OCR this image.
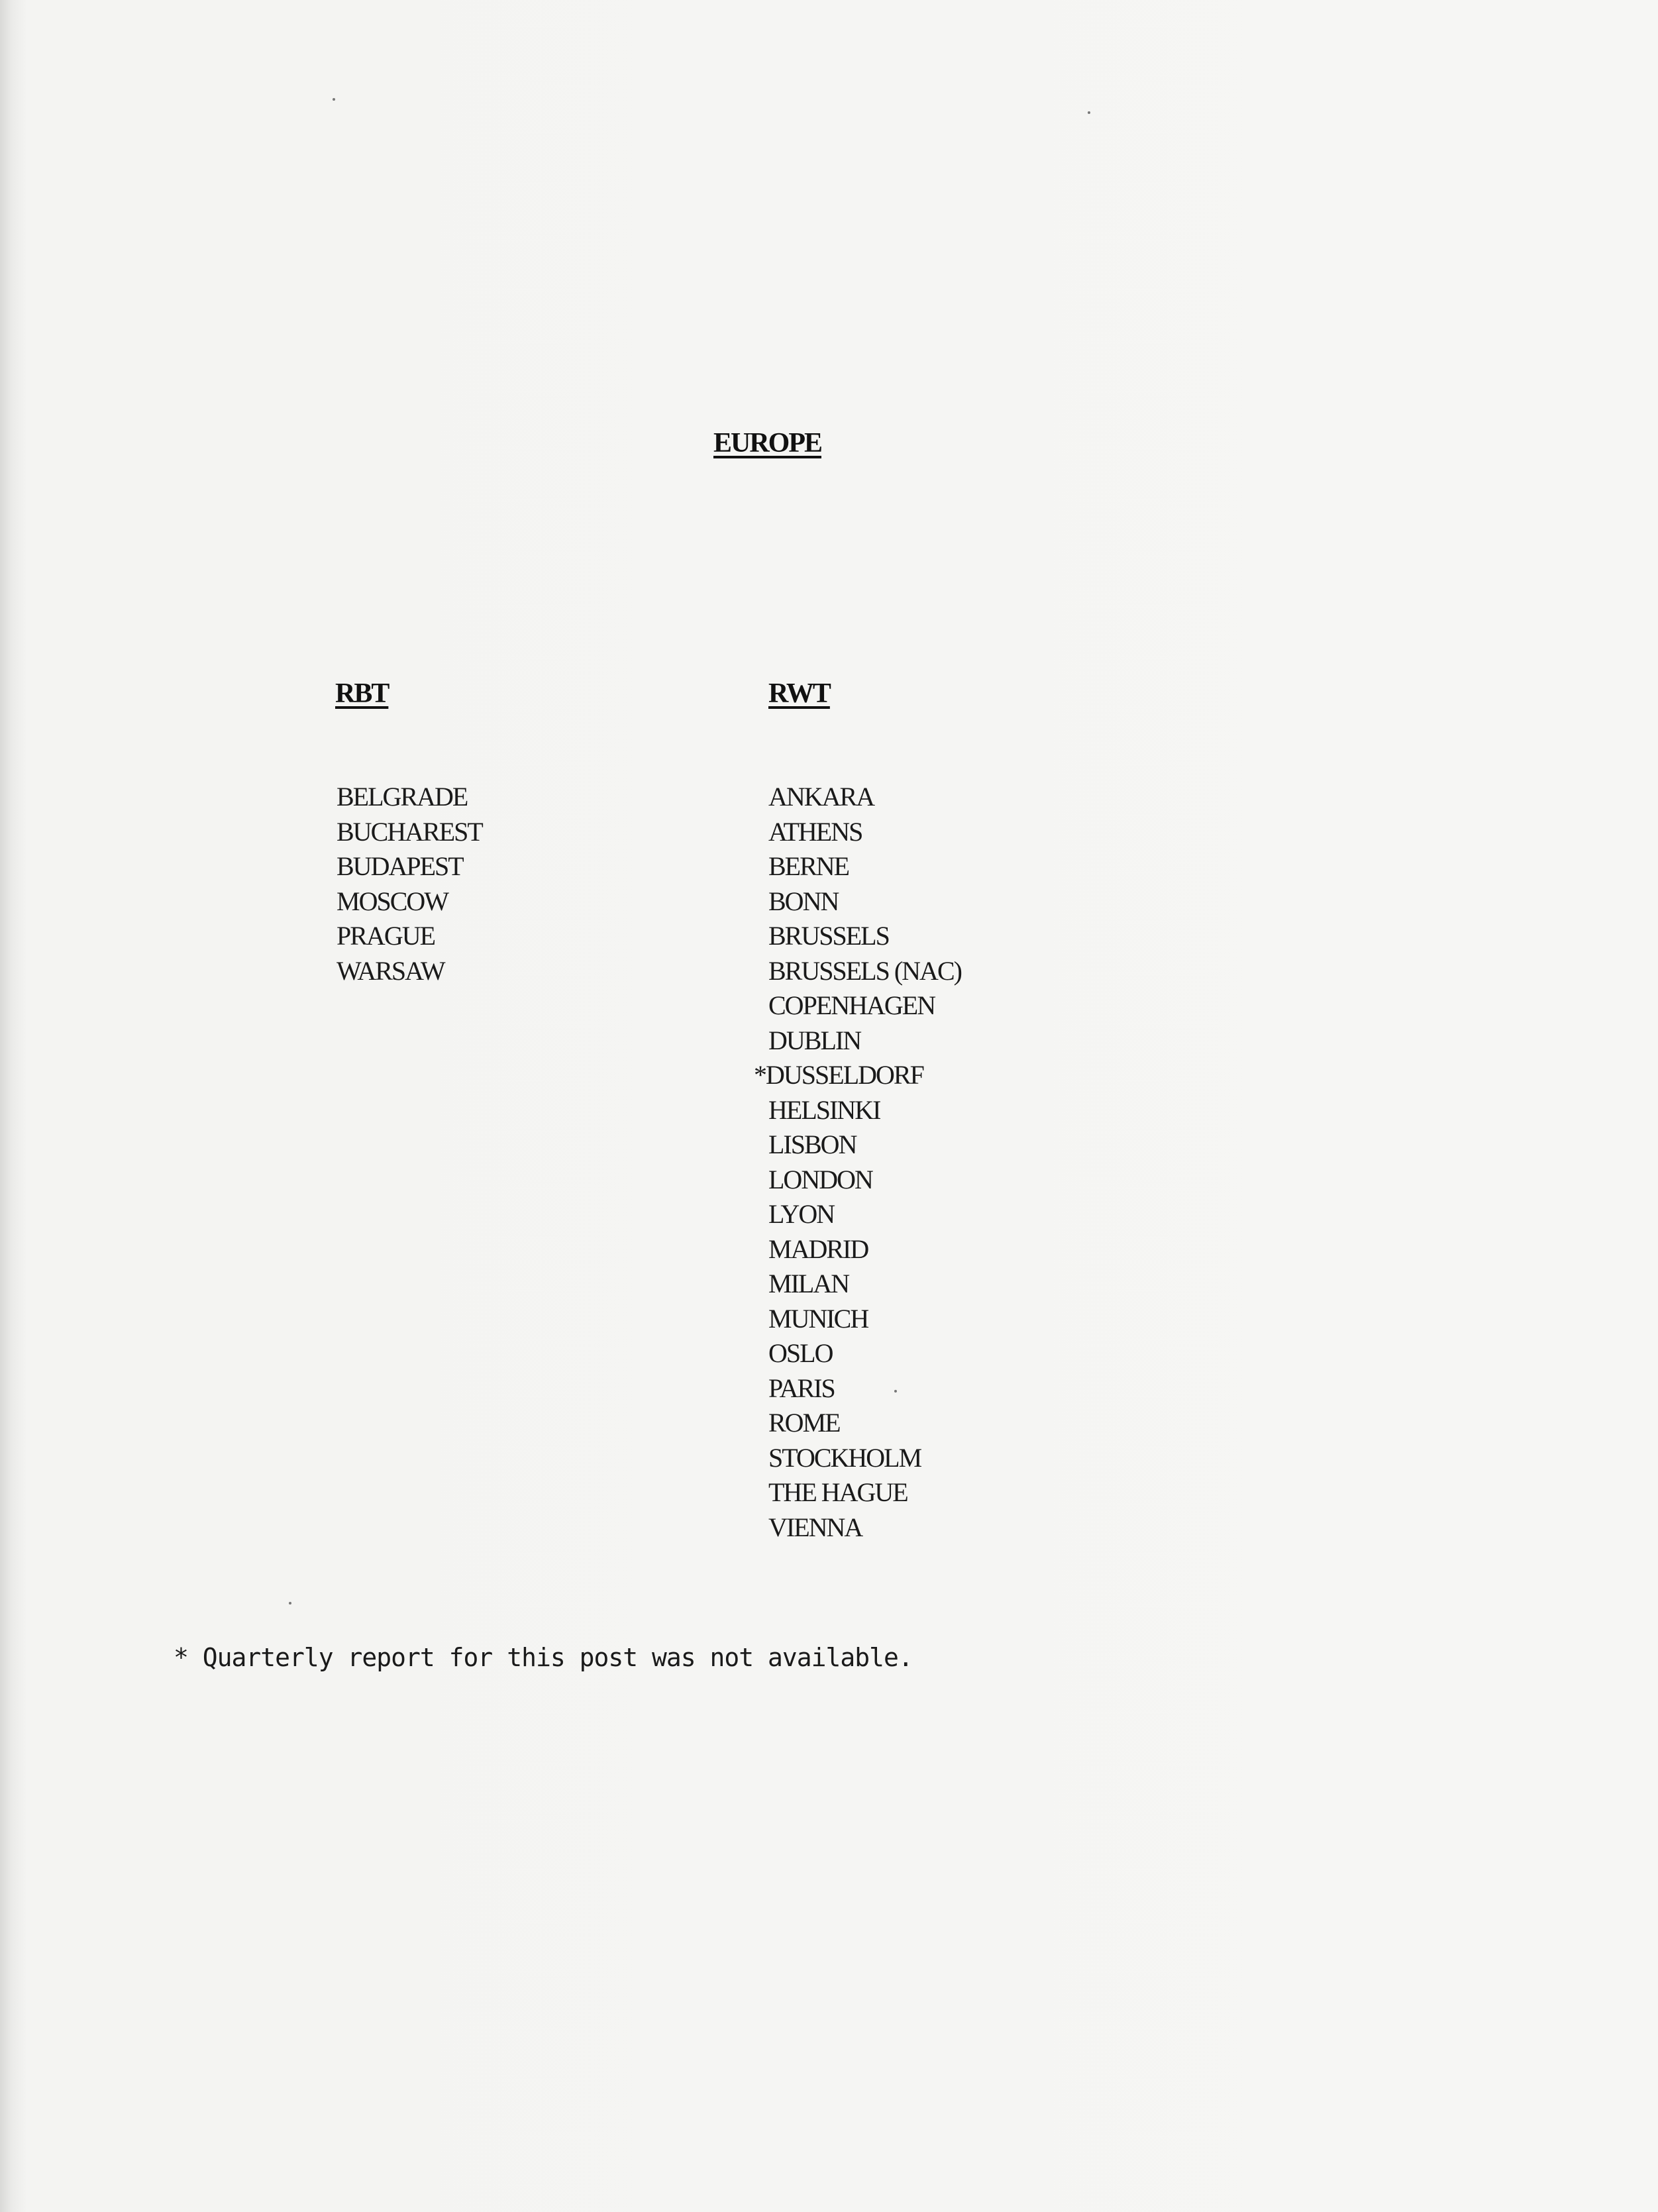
EUROPE
RBT	RWT
BELGRADE
BUCHAREST
BUDAPEST
MOSCOW
PRAGUE
WARSAW
ANKARA
ATHENS
BERNE
BONN
BRUSSELS
BRUSSELS (NAC)
COPENHAGEN
DUBLIN
*DUSSELDORF
HELSINKI
LISBON
LONDON
LYON
MADRID
MILAN
MUNICH
OSLO
PARIS
ROME
STOCKHOLM
THE HAGUE
VIENNA
* Quarterly report for this post was not available.
